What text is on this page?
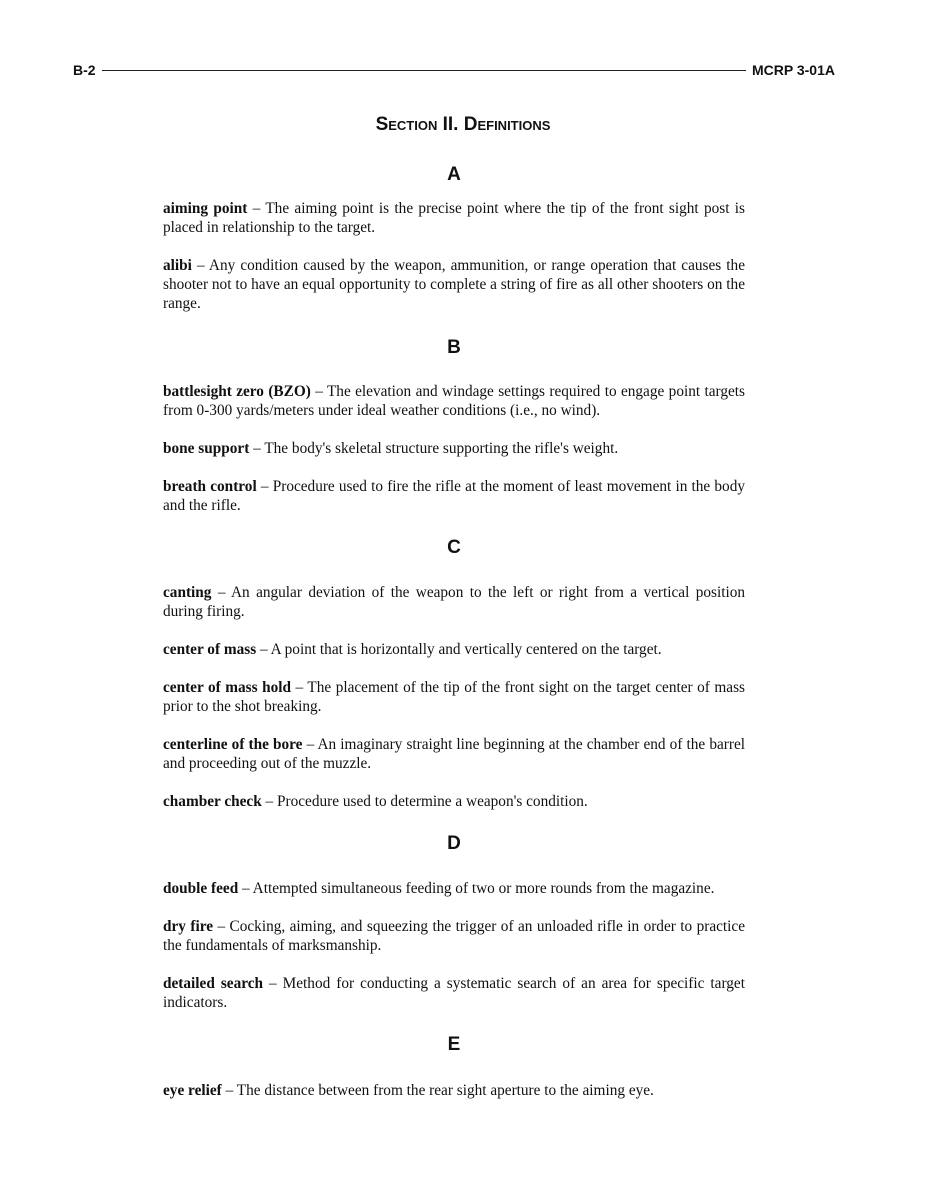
B-2	MCRP 3-01A
Section II. Definitions
A

aiming point – The aiming point is the precise point where the tip of the front sight post is placed in relationship to the target.

alibi – Any condition caused by the weapon, ammunition, or range operation that causes the shooter not to have an equal opportunity to complete a string of fire as all other shooters on the range.

B

battlesight zero (BZO) – The elevation and windage settings required to engage point targets from 0-300 yards/meters under ideal weather conditions (i.e., no wind).

bone support – The body's skeletal structure supporting the rifle's weight.

breath control – Procedure used to fire the rifle at the moment of least movement in the body and the rifle.

C

canting – An angular deviation of the weapon to the left or right from a vertical position during firing.

center of mass – A point that is horizontally and vertically centered on the target.

center of mass hold – The placement of the tip of the front sight on the target center of mass prior to the shot breaking.

centerline of the bore – An imaginary straight line beginning at the chamber end of the barrel and proceeding out of the muzzle.

chamber check – Procedure used to determine a weapon's condition.

D

double feed – Attempted simultaneous feeding of two or more rounds from the magazine.

dry fire – Cocking, aiming, and squeezing the trigger of an unloaded rifle in order to practice the fundamentals of marksmanship.

detailed search – Method for conducting a systematic search of an area for specific target indicators.

E

eye relief – The distance between from the rear sight aperture to the aiming eye.
